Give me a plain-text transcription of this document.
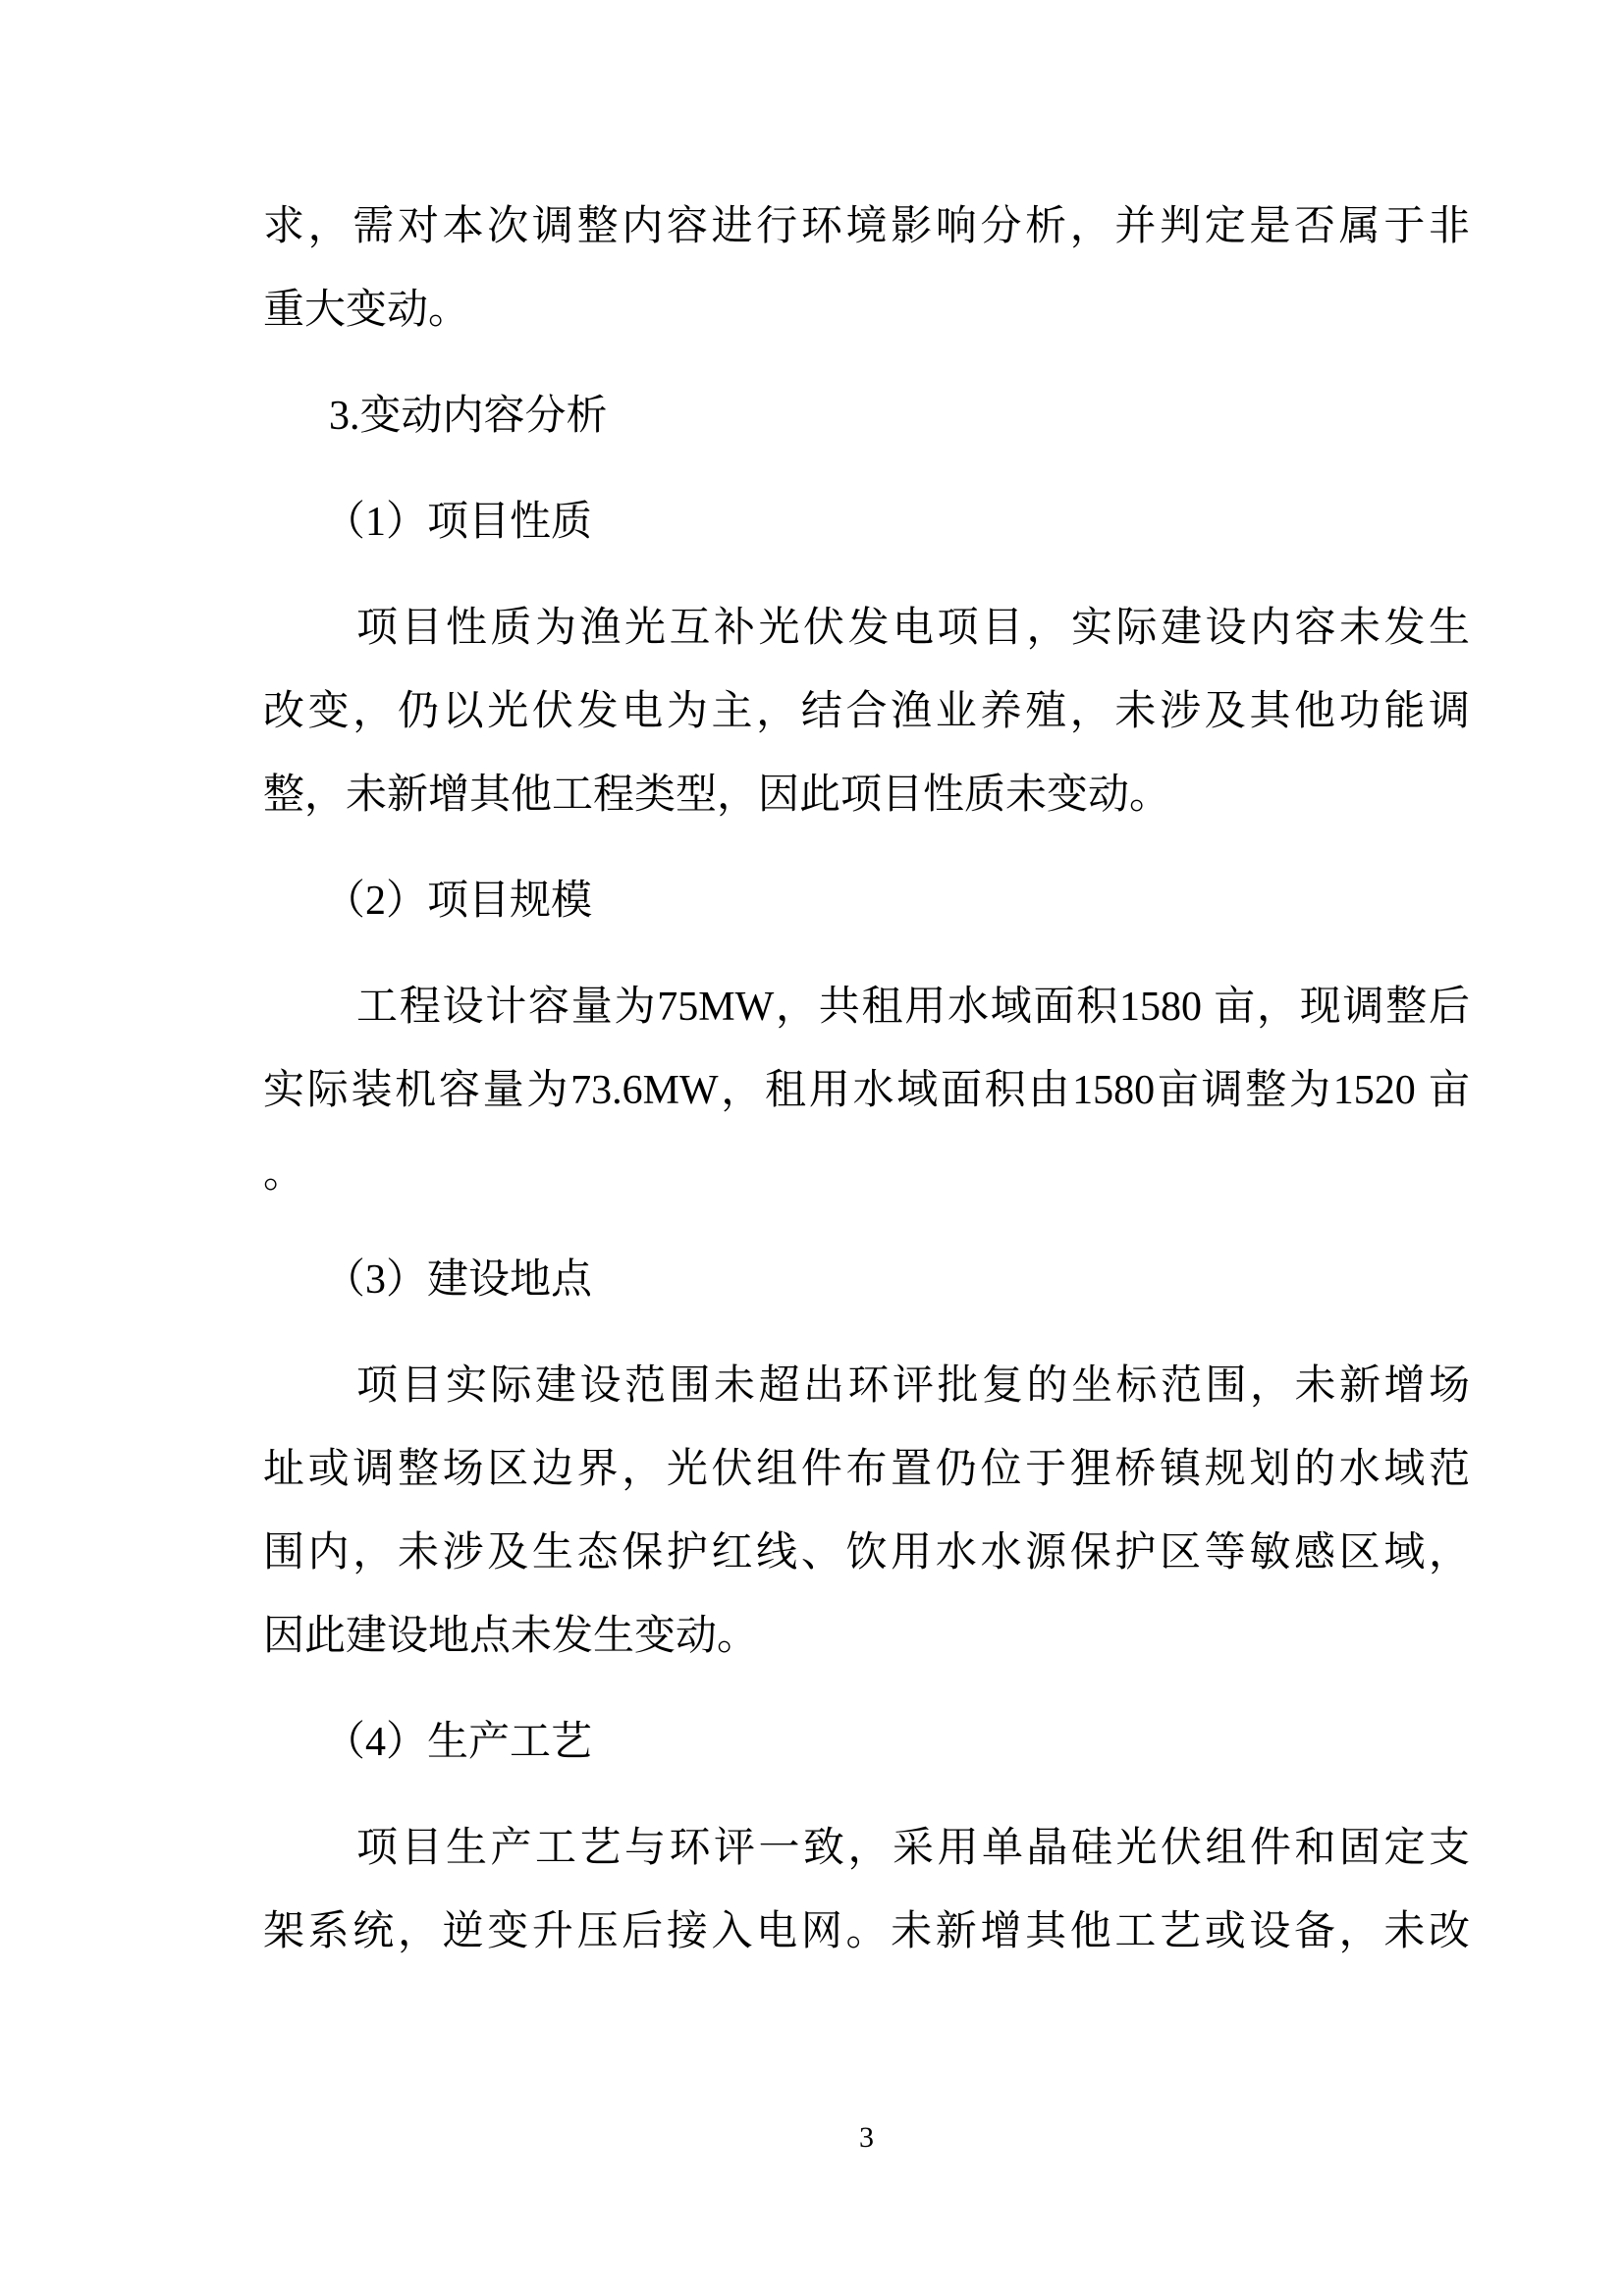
求，需对本次调整内容进行环境影响分析，并判定是否属于非
重大变动。
3.变动内容分析
（1）项目性质
项目性质为渔光互补光伏发电项目，实际建设内容未发生
改变，仍以光伏发电为主，结合渔业养殖，未涉及其他功能调
整，未新增其他工程类型，因此项目性质未变动。
（2）项目规模
工程设计容量为75MW，共租用水域面积1580 亩，现调整后
实际装机容量为73.6MW，租用水域面积由1580亩调整为1520 亩
。
（3）建设地点
项目实际建设范围未超出环评批复的坐标范围，未新增场
址或调整场区边界，光伏组件布置仍位于狸桥镇规划的水域范
围内，未涉及生态保护红线、饮用水水源保护区等敏感区域，
因此建设地点未发生变动。
（4）生产工艺
项目生产工艺与环评一致，采用单晶硅光伏组件和固定支
架系统，逆变升压后接入电网。未新增其他工艺或设备，未改
3
